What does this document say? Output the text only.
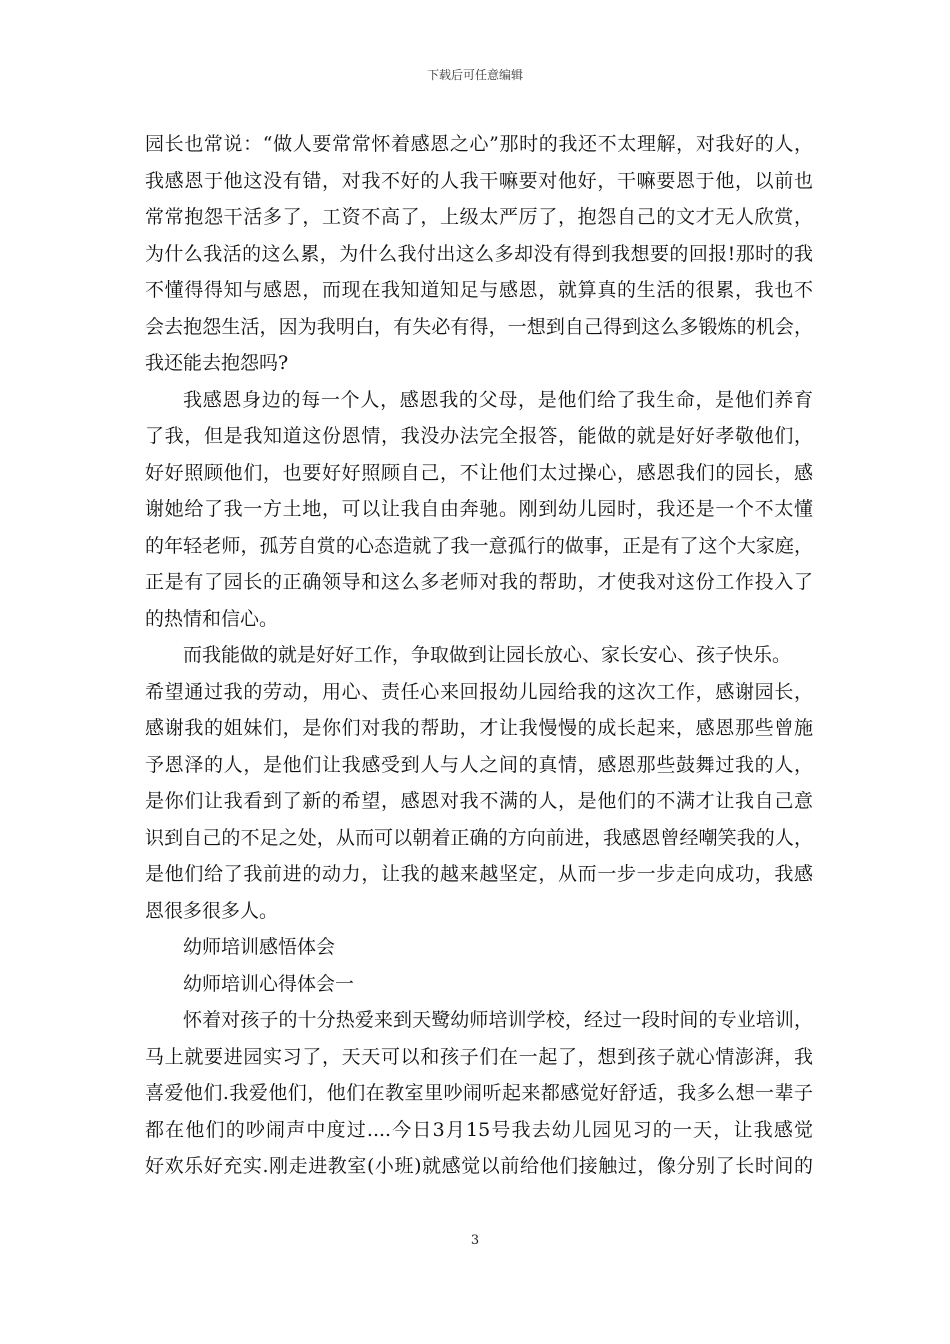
下载后可任意编辑
园长也常说：“做人要常常怀着感恩之心”那时的我还不太理解，对我好的人，
我感恩于他这没有错，对我不好的人我干嘛要对他好，干嘛要恩于他，以前也
常常抱怨干活多了，工资不高了，上级太严厉了，抱怨自己的文才无人欣赏，
为什么我活的这么累，为什么我付出这么多却没有得到我想要的回报!那时的我
不懂得得知与感恩，而现在我知道知足与感恩，就算真的生活的很累，我也不
会去抱怨生活，因为我明白，有失必有得，一想到自己得到这么多锻炼的机会，
我还能去抱怨吗?
我感恩身边的每一个人，感恩我的父母，是他们给了我生命，是他们养育
了我，但是我知道这份恩情，我没办法完全报答，能做的就是好好孝敬他们，
好好照顾他们，也要好好照顾自己，不让他们太过操心，感恩我们的园长，感
谢她给了我一方土地，可以让我自由奔驰。刚到幼儿园时，我还是一个不太懂
的年轻老师，孤芳自赏的心态造就了我一意孤行的做事，正是有了这个大家庭，
正是有了园长的正确领导和这么多老师对我的帮助，才使我对这份工作投入了
的热情和信心。
而我能做的就是好好工作，争取做到让园长放心、家长安心、孩子快乐。
希望通过我的劳动，用心、责任心来回报幼儿园给我的这次工作，感谢园长，
感谢我的姐妹们，是你们对我的帮助，才让我慢慢的成长起来，感恩那些曾施
予恩泽的人，是他们让我感受到人与人之间的真情，感恩那些鼓舞过我的人，
是你们让我看到了新的希望，感恩对我不满的人，是他们的不满才让我自己意
识到自己的不足之处，从而可以朝着正确的方向前进，我感恩曾经嘲笑我的人，
是他们给了我前进的动力，让我的越来越坚定，从而一步一步走向成功，我感
恩很多很多人。
幼师培训感悟体会
幼师培训心得体会一
怀着对孩子的十分热爱来到天鹭幼师培训学校，经过一段时间的专业培训，
马上就要进园实习了，天天可以和孩子们在一起了，想到孩子就心情澎湃，我
喜爱他们.我爱他们，他们在教室里吵闹听起来都感觉好舒适，我多么想一辈子
都在他们的吵闹声中度过....今日3月15号我去幼儿园见习的一天，让我感觉
好欢乐好充实.刚走进教室(小班)就感觉以前给他们接触过，像分别了长时间的
3
